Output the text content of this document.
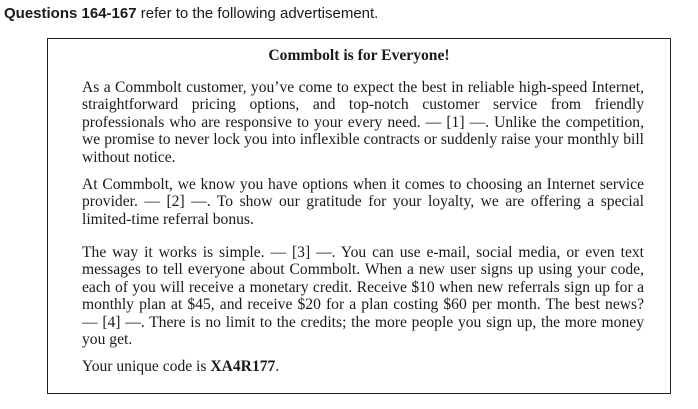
Questions 164-167 refer to the following advertisement.
Commbolt is for Everyone!

As a Commbolt customer, you’ve come to expect the best in reliable high-speed Internet, straightforward pricing options, and top-notch customer service from friendly professionals who are responsive to your every need. — [1] —. Unlike the competition, we promise to never lock you into inflexible contracts or suddenly raise your monthly bill without notice.

At Commbolt, we know you have options when it comes to choosing an Internet service provider. — [2] —. To show our gratitude for your loyalty, we are offering a special limited-time referral bonus.

The way it works is simple. — [3] —. You can use e-mail, social media, or even text messages to tell everyone about Commbolt. When a new user signs up using your code, each of you will receive a monetary credit. Receive $10 when new referrals sign up for a monthly plan at $45, and receive $20 for a plan costing $60 per month. The best news? — [4] —. There is no limit to the credits; the more people you sign up, the more money you get.

Your unique code is XA4R177.
